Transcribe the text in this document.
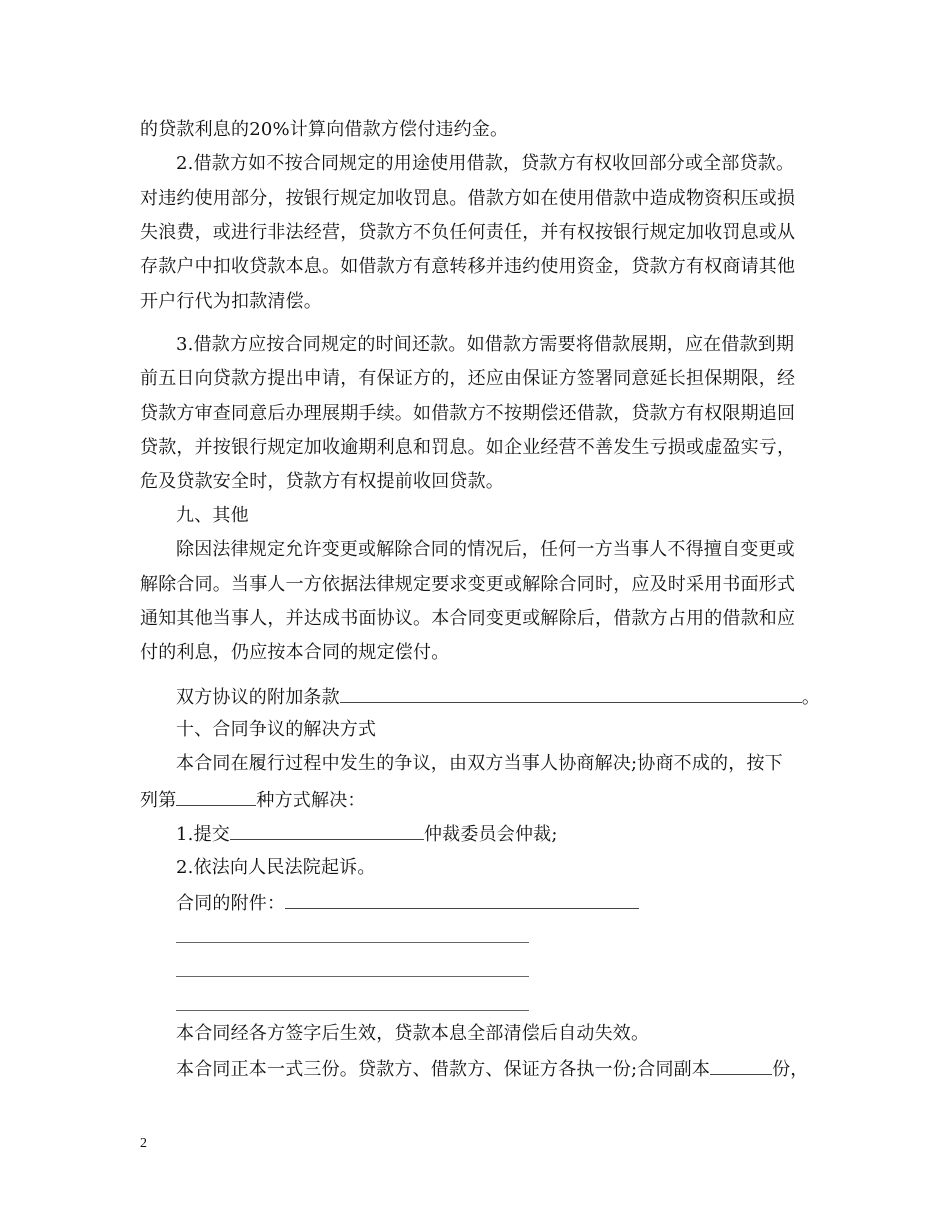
的贷款利息的20%计算向借款方偿付违约金。
2.借款方如不按合同规定的用途使用借款，贷款方有权收回部分或全部贷款。
对违约使用部分，按银行规定加收罚息。借款方如在使用借款中造成物资积压或损
失浪费，或进行非法经营，贷款方不负任何责任，并有权按银行规定加收罚息或从
存款户中扣收贷款本息。如借款方有意转移并违约使用资金，贷款方有权商请其他
开户行代为扣款清偿。
3.借款方应按合同规定的时间还款。如借款方需要将借款展期，应在借款到期
前五日向贷款方提出申请，有保证方的，还应由保证方签署同意延长担保期限，经
贷款方审查同意后办理展期手续。如借款方不按期偿还借款，贷款方有权限期追回
贷款，并按银行规定加收逾期利息和罚息。如企业经营不善发生亏损或虚盈实亏，
危及贷款安全时，贷款方有权提前收回贷款。
九、其他
除因法律规定允许变更或解除合同的情况后，任何一方当事人不得擅自变更或
解除合同。当事人一方依据法律规定要求变更或解除合同时，应及时采用书面形式
通知其他当事人，并达成书面协议。本合同变更或解除后，借款方占用的借款和应
付的利息，仍应按本合同的规定偿付。
双方协议的附加条款	。
十、合同争议的解决方式
本合同在履行过程中发生的争议，由双方当事人协商解决;协商不成的，按下
列第	种方式解决：
1.提交	仲裁委员会仲裁;
2.依法向人民法院起诉。
合同的附件：
本合同经各方签字后生效，贷款本息全部清偿后自动失效。
本合同正本一式三份。贷款方、借款方、保证方各执一份;合同副本	份，
2
